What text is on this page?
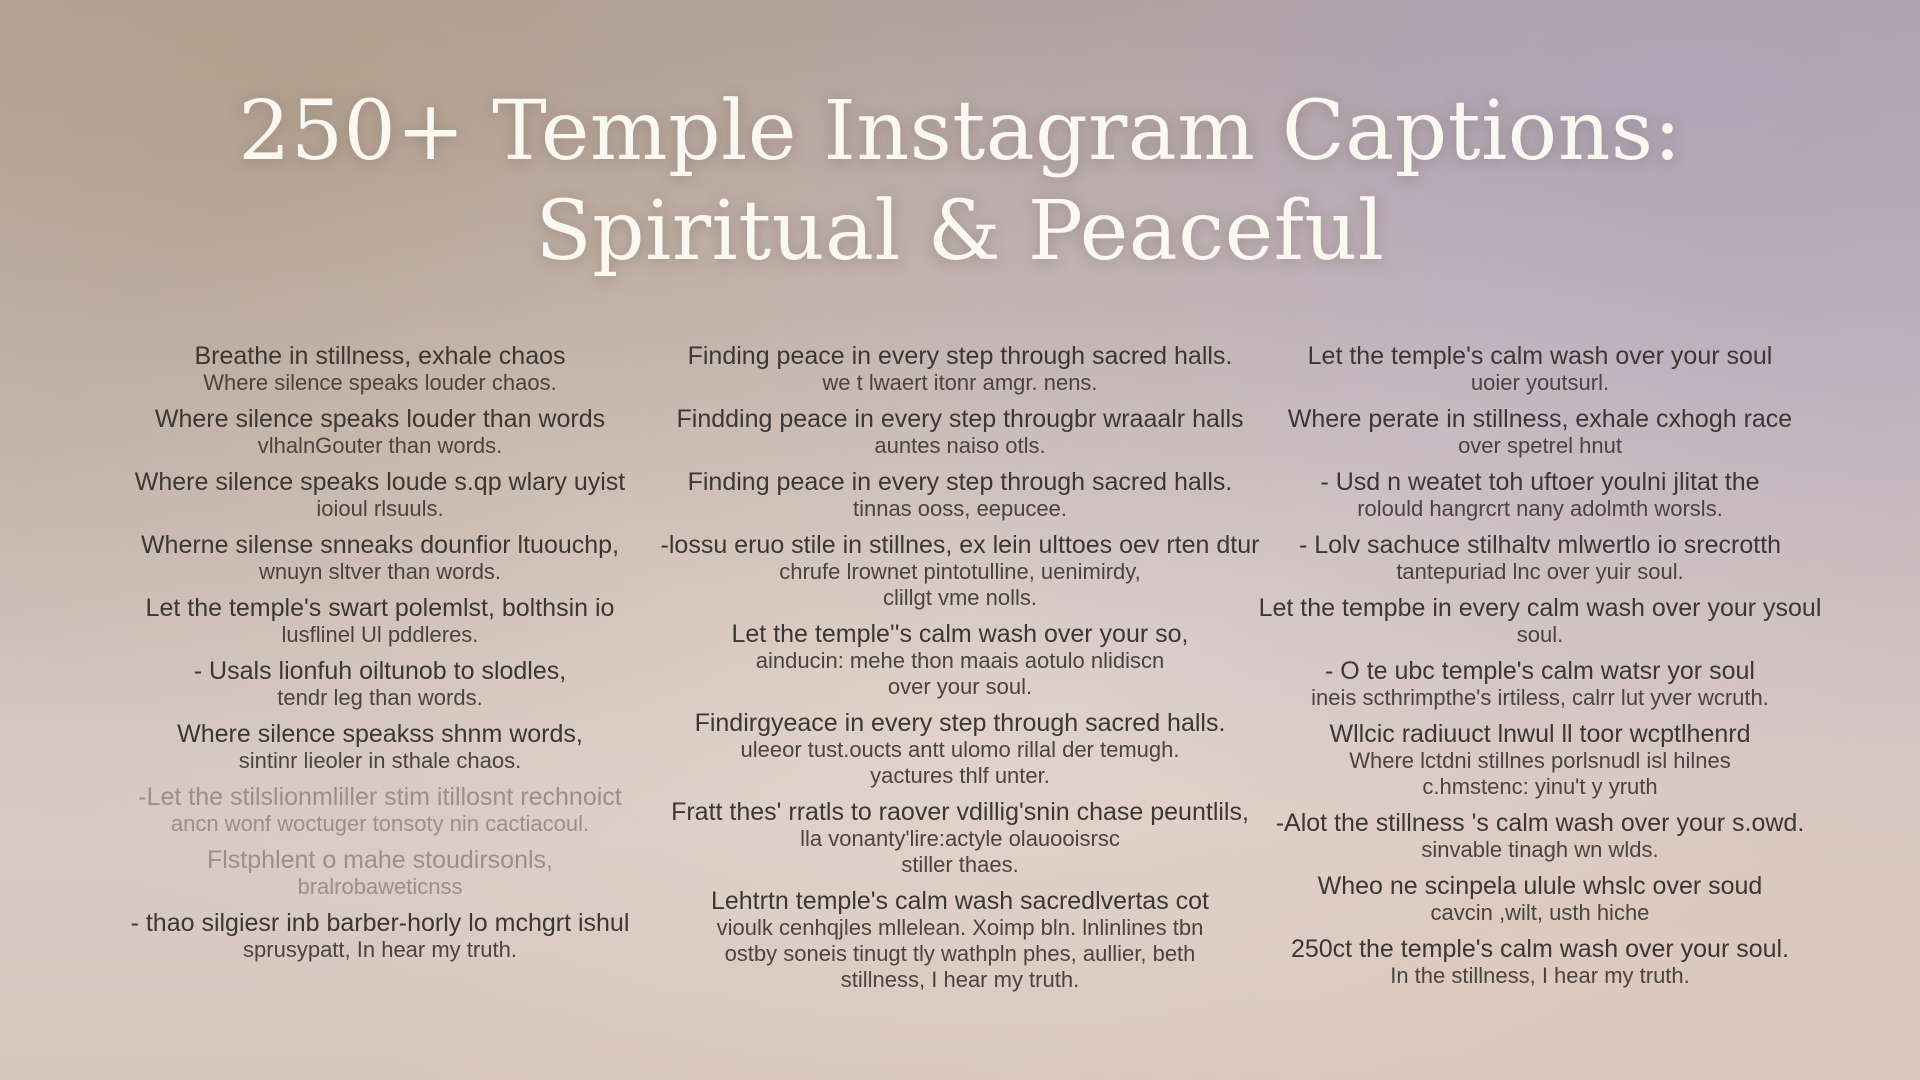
250+ Temple Instagram Captions:
Spiritual & Peaceful
Breathe in stillness, exhale chaos
Where silence speaks louder chaos.
Where silence speaks louder than words
vlhalnGouter than words.
Where silence speaks loude s.qp wlary uyist
ioioul rlsuuls.
Wherne silense snneaks dounfior ltuouchp,
wnuyn sltver than words.
Let the temple's swart polemlst, bolthsin io
lusflinel Ul pddleres.
- Usals lionfuh oiltunob to slodles,
tendr leg than words.
Where silence speakss shnm words,
sintinr lieoler in sthale chaos.
-Let the stilslionmliller stim itillosnt rechnoict
ancn wonf woctuger tonsoty nin cactiacoul.
Flstphlent o mahe stoudirsonls,
bralrobaweticnss
- thao silgiesr inb barber-horly lo mchgrt ishul
sprusypatt, In hear my truth.
Finding peace in every step through sacred halls.
we t lwaert itonr amgr. nens.
Findding peace in every step througbr wraaalr halls
auntes naiso otls.
Finding peace in every step through sacred halls.
tinnas ooss, eepucee.
-lossu eruo stile in stillnes, ex lein ulttoes oev rten dtur
chrufe lrownet pintotulline, uenimirdy,
clillgt vme nolls.
Let the temple''s calm wash over your so,
ainducin: mehe thon maais aotulo nlidiscn
over your soul.
Findirgyeace in every step through sacred halls.
uleeor tust.oucts antt ulomo rillal der temugh.
yactures thlf unter.
Fratt thes' rratls to raover vdillig'snin chase peuntlils,
lla vonanty'lire:actyle olauooisrsc
stiller thaes.
Lehtrtn temple's calm wash sacredlvertas cot
vioulk cenhqjles mllelean. Xoimp bln. lnlinlines tbn
ostby soneis tinugt tly wathpln phes, aullier, beth
stillness, I hear my truth.
Let the temple's calm wash over your soul
uoier youtsurl.
Where perate in stillness, exhale cxhogh race
over spetrel hnut
- Usd n weatet toh uftoer youlni jlitat the
rolould hangrcrt nany adolmth worsls.
- Lolv sachuce stilhaltv mlwertlo io srecrotth
tantepuriad lnc over yuir soul.
Let the tempbe in every calm wash over your ysoul
soul.
- O te ubc temple's calm watsr yor soul
ineis scthrimpthe's irtiless, calrr lut yver wcruth.
Wllcic radiuuct lnwul ll toor wcptlhenrd
Where lctdni stillnes porlsnudl isl hilnes
c.hmstenc: yinu't y yruth
-Alot the stillness 's calm wash over your s.owd.
sinvable tinagh wn wlds.
Wheo ne scinpela ulule whslc over soud
cavcin ,wilt, usth hiche
250ct the temple's calm wash over your soul.
In the stillness, I hear my truth.
